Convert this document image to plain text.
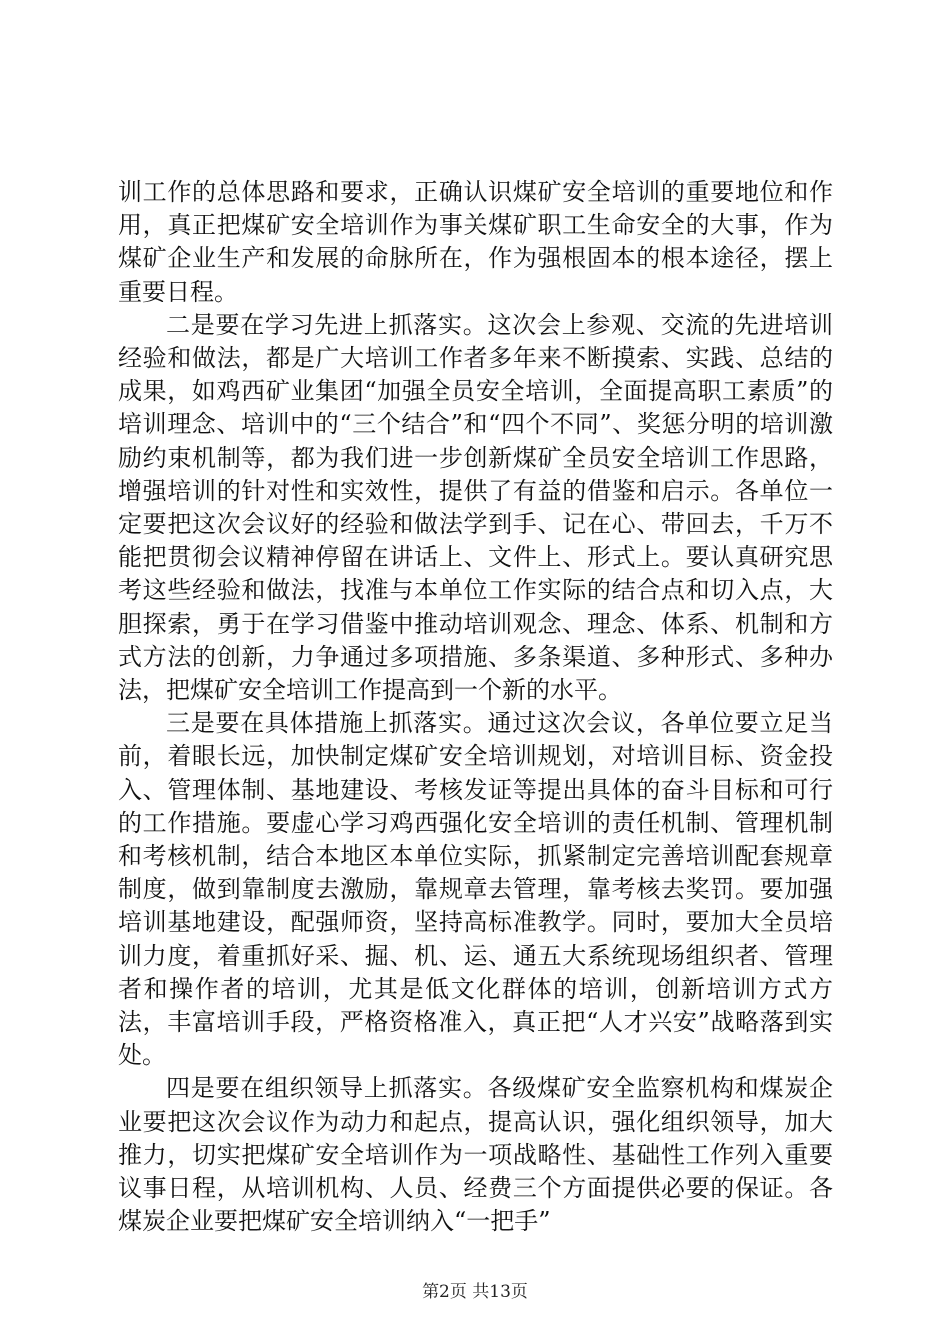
训工作的总体思路和要求，正确认识煤矿安全培训的重要地位和作用，真正把煤矿安全培训作为事关煤矿职工生命安全的大事，作为煤矿企业生产和发展的命脉所在，作为强根固本的根本途径，摆上重要日程。

二是要在学习先进上抓落实。这次会上参观、交流的先进培训经验和做法，都是广大培训工作者多年来不断摸索、实践、总结的成果，如鸡西矿业集团“加强全员安全培训，全面提高职工素质”的培训理念、培训中的“三个结合”和“四个不同”、奖惩分明的培训激励约束机制等，都为我们进一步创新煤矿全员安全培训工作思路，增强培训的针对性和实效性，提供了有益的借鉴和启示。各单位一定要把这次会议好的经验和做法学到手、记在心、带回去，千万不能把贯彻会议精神停留在讲话上、文件上、形式上。要认真研究思考这些经验和做法，找准与本单位工作实际的结合点和切入点，大胆探索，勇于在学习借鉴中推动培训观念、理念、体系、机制和方式方法的创新，力争通过多项措施、多条渠道、多种形式、多种办法，把煤矿安全培训工作提高到一个新的水平。

三是要在具体措施上抓落实。通过这次会议，各单位要立足当前，着眼长远，加快制定煤矿安全培训规划，对培训目标、资金投入、管理体制、基地建设、考核发证等提出具体的奋斗目标和可行的工作措施。要虚心学习鸡西强化安全培训的责任机制、管理机制和考核机制，结合本地区本单位实际，抓紧制定完善培训配套规章制度，做到靠制度去激励，靠规章去管理，靠考核去奖罚。要加强培训基地建设，配强师资，坚持高标准教学。同时，要加大全员培训力度，着重抓好采、掘、机、运、通五大系统现场组织者、管理者和操作者的培训，尤其是低文化群体的培训，创新培训方式方法，丰富培训手段，严格资格准入，真正把“人才兴安”战略落到实处。

四是要在组织领导上抓落实。各级煤矿安全监察机构和煤炭企业要把这次会议作为动力和起点，提高认识，强化组织领导，加大推力，切实把煤矿安全培训作为一项战略性、基础性工作列入重要议事日程，从培训机构、人员、经费三个方面提供必要的保证。各煤炭企业要把煤矿安全培训纳入“一把手”

第2页 共13页
